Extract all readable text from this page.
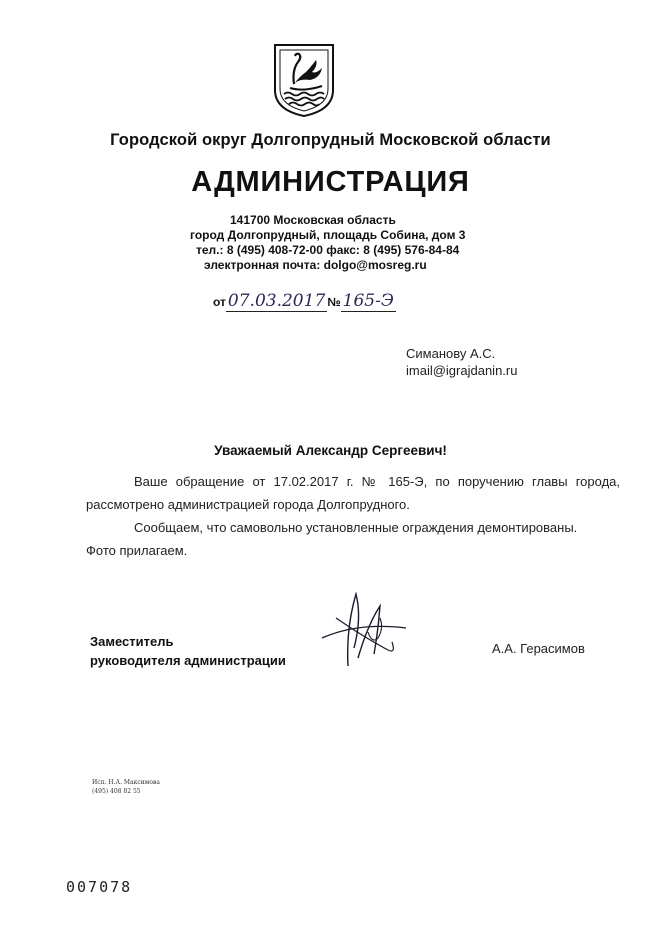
Городской округ Долгопрудный Московской области
АДМИНИСТРАЦИЯ
141700 Московская область
город Долгопрудный, площадь Собина, дом 3
тел.: 8 (495) 408-72-00 факс: 8 (495) 576-84-84
электронная почта: dolgo@mosreg.ru
от 07.03.2017 № 165-Э
Симанову А.С.
imail@igrajdanin.ru
Уважаемый Александр Сергеевич!

Ваше обращение от 17.02.2017 г. № 165-Э, по поручению главы города, рассмотрено администрацией города Долгопрудного.

Сообщаем, что самовольно установленные ограждения демонтированы.

Фото прилагаем.

Заместитель
руководителя администрации
А.А. Герасимов
Исп. Н.А. Максимова
(495) 408 82 55
007078
